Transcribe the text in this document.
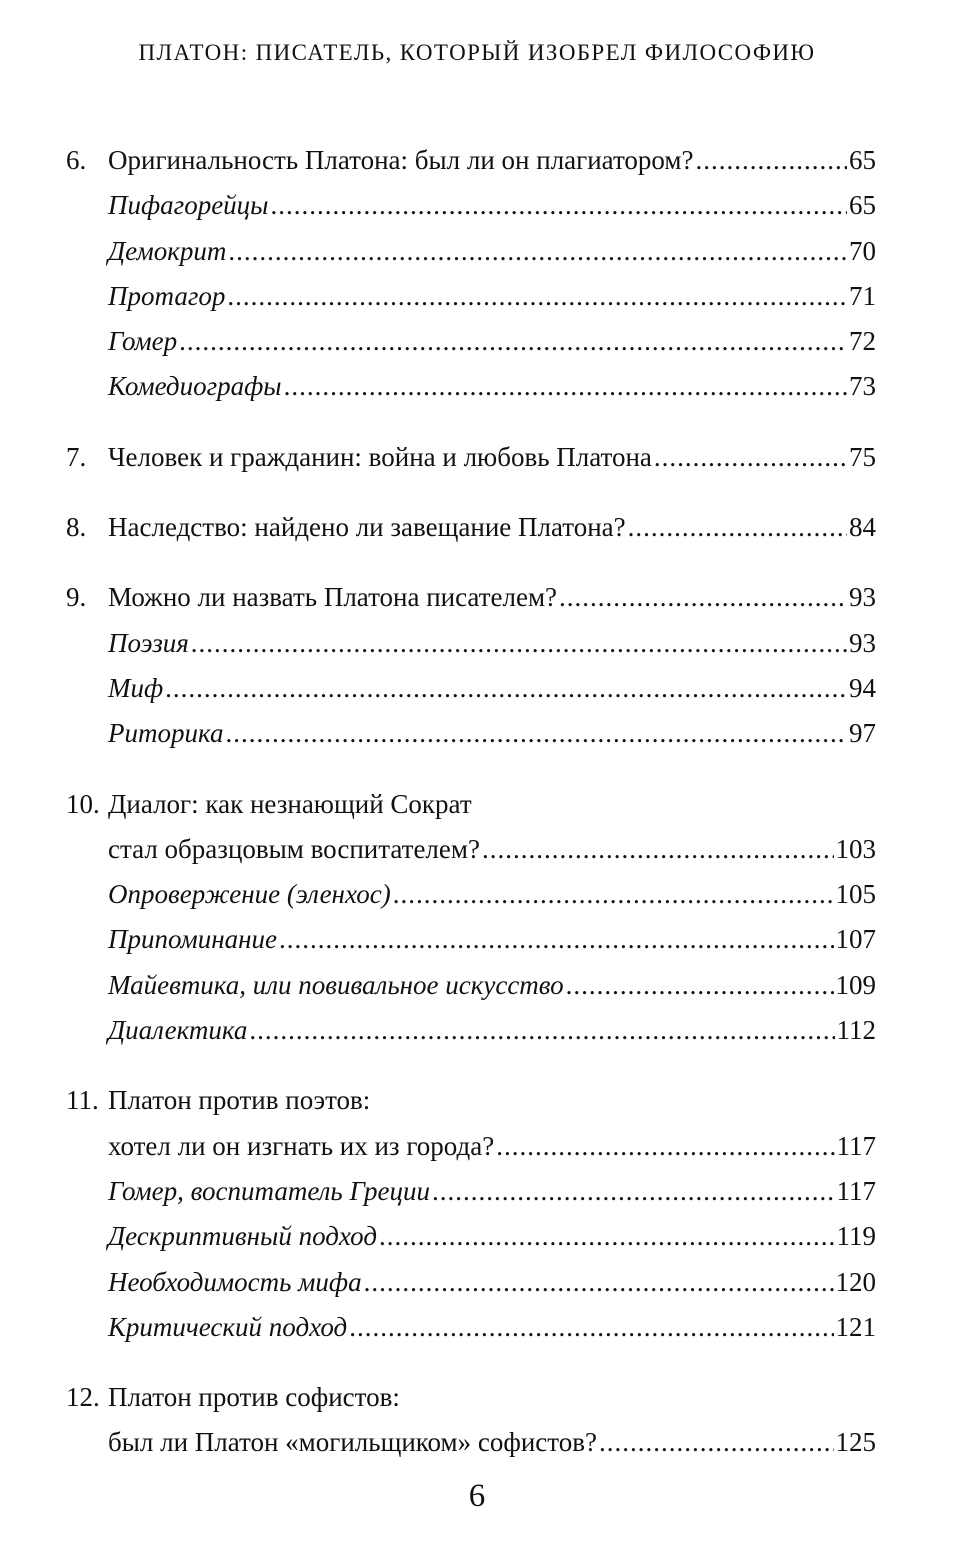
ПЛАТОН: ПИСАТЕЛЬ, КОТОРЫЙ ИЗОБРЕЛ ФИЛОСОФИЮ
6. Оригинальность Платона: был ли он плагиатором? .....	65
Пифагорейцы .....	65
Демокрит .....	70
Протагор .....	71
Гомер .....	72
Комедиографы .....	73
7. Человек и гражданин: война и любовь Платона .....	75
8. Наследство: найдено ли завещание Платона? .....	84
9. Можно ли назвать Платона писателем? .....	93
Поэзия .....	93
Миф .....	94
Риторика .....	97
10. Диалог: как незнающий Сократ
стал образцовым воспитателем? .....	103
Опровержение (эленхос) .....	105
Припоминание .....	107
Майевтика, или повивальное искусство .....	109
Диалектика .....	112
11. Платон против поэтов:
хотел ли он изгнать их из города? .....	117
Гомер, воспитатель Греции .....	117
Дескриптивный подход .....	119
Необходимость мифа .....	120
Критический подход .....	121
12. Платон против софистов:
был ли Платон «могильщиком» софистов? .....	125
6
